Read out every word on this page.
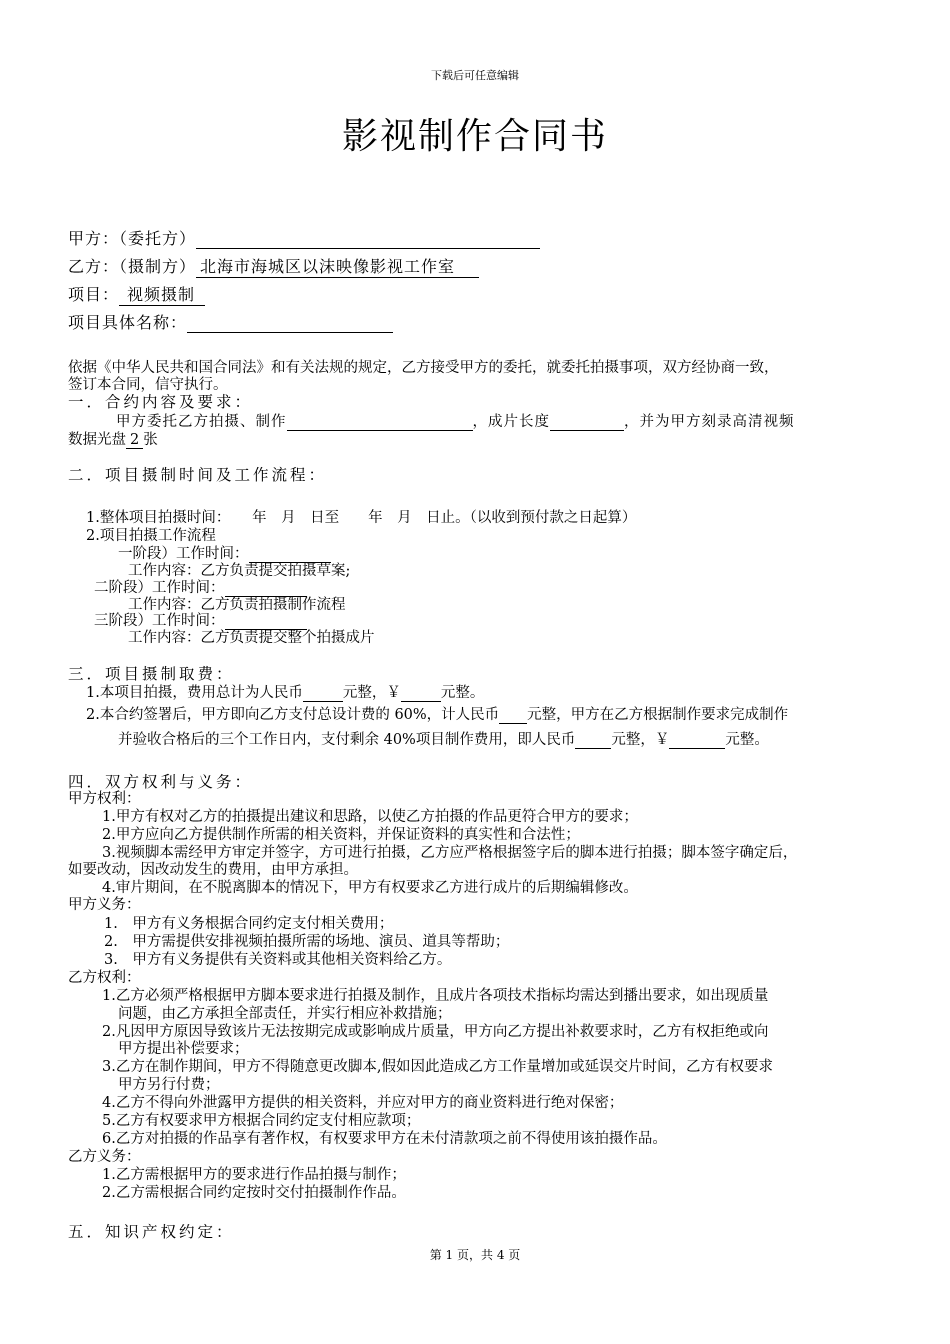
下载后可任意编辑
影视制作合同书
甲方：（委托方）
乙方：（摄制方） 北海市海城区以沫映像影视工作室
项目： 视频摄制
项目具体名称：
依据《中华人民共和国合同法》和有关法规的规定，乙方接受甲方的委托，就委托拍摄事项，双方经协商一致，
签订本合同，信守执行。
一．合约内容及要求：
甲方委托乙方拍摄、制作	，成片长度	，并为甲方刻录高清视频
数据光盘 2 张
二．项目摄制时间及工作流程：
1.整体项目拍摄时间：　　年　月　日至　　年　月　日止。（以收到预付款之日起算）
2.项目拍摄工作流程
一阶段）工作时间：
工作内容：乙方负责提交拍摄草案;
二阶段）工作时间：
工作内容：乙方负责拍摄制作流程
三阶段）工作时间：
工作内容：乙方负责提交整个拍摄成片
三．项目摄制取费：
1.本项目拍摄，费用总计为人民币	元整，￥	元整。
2.本合约签署后，甲方即向乙方支付总设计费的 60%，计人民币 元整，甲方在乙方根据制作要求完成制作
并验收合格后的三个工作日内，支付剩余 40%项目制作费用，即人民币 元整，￥	元整。
四．双方权利与义务：
甲方权利：
1.甲方有权对乙方的拍摄提出建议和思路，以使乙方拍摄的作品更符合甲方的要求；
2.甲方应向乙方提供制作所需的相关资料，并保证资料的真实性和合法性；
3.视频脚本需经甲方审定并签字，方可进行拍摄，乙方应严格根据签字后的脚本进行拍摄；脚本签字确定后，
如要改动，因改动发生的费用，由甲方承担。
4.审片期间，在不脱离脚本的情况下，甲方有权要求乙方进行成片的后期编辑修改。
甲方义务：
1.　甲方有义务根据合同约定支付相关费用；
2.　甲方需提供安排视频拍摄所需的场地、演员、道具等帮助；
3.　甲方有义务提供有关资料或其他相关资料给乙方。
乙方权利：
1.乙方必须严格根据甲方脚本要求进行拍摄及制作，且成片各项技术指标均需达到播出要求，如出现质量
问题，由乙方承担全部责任，并实行相应补救措施；
2.凡因甲方原因导致该片无法按期完成或影响成片质量，甲方向乙方提出补救要求时，乙方有权拒绝或向
甲方提出补偿要求；
3.乙方在制作期间，甲方不得随意更改脚本,假如因此造成乙方工作量增加或延误交片时间，乙方有权要求
甲方另行付费；
4.乙方不得向外泄露甲方提供的相关资料，并应对甲方的商业资料进行绝对保密；
5.乙方有权要求甲方根据合同约定支付相应款项；
6.乙方对拍摄的作品享有著作权，有权要求甲方在未付清款项之前不得使用该拍摄作品。
乙方义务：
1.乙方需根据甲方的要求进行作品拍摄与制作；
2.乙方需根据合同约定按时交付拍摄制作作品。
五．知识产权约定：
第 1 页，共 4 页
